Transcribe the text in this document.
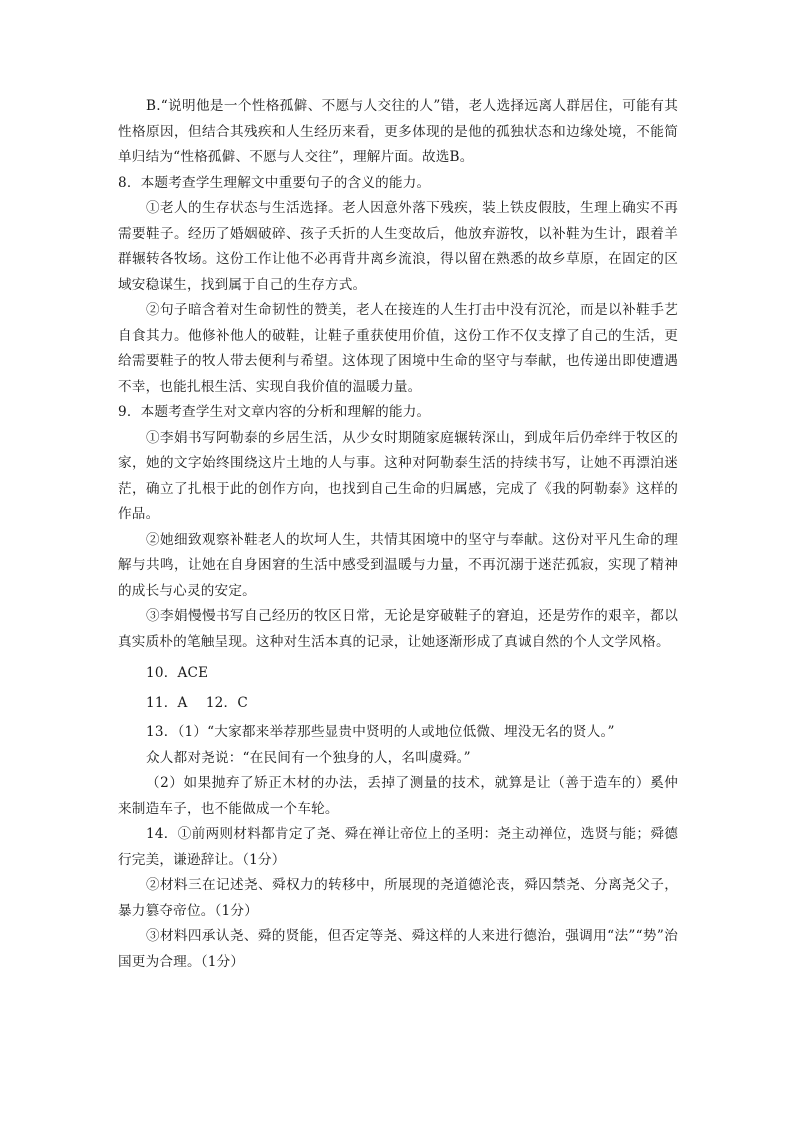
B.“说明他是一个性格孤僻、不愿与人交往的人”错，老人选择远离人群居住，可能有其性格原因，但结合其残疾和人生经历来看，更多体现的是他的孤独状态和边缘处境，不能简单归结为“性格孤僻、不愿与人交往”，理解片面。故选B。

8．本题考查学生理解文中重要句子的含义的能力。

①老人的生存状态与生活选择。老人因意外落下残疾，装上铁皮假肢，生理上确实不再需要鞋子。经历了婚姻破碎、孩子夭折的人生变故后，他放弃游牧，以补鞋为生计，跟着羊群辗转各牧场。这份工作让他不必再背井离乡流浪，得以留在熟悉的故乡草原，在固定的区域安稳谋生，找到属于自己的生存方式。

②句子暗含着对生命韧性的赞美，老人在接连的人生打击中没有沉沦，而是以补鞋手艺自食其力。他修补他人的破鞋，让鞋子重获使用价值，这份工作不仅支撑了自己的生活，更给需要鞋子的牧人带去便利与希望。这体现了困境中生命的坚守与奉献，也传递出即使遭遇不幸，也能扎根生活、实现自我价值的温暖力量。

9．本题考查学生对文章内容的分析和理解的能力。

①李娟书写阿勒泰的乡居生活，从少女时期随家庭辗转深山，到成年后仍牵绊于牧区的家，她的文字始终围绕这片土地的人与事。这种对阿勒泰生活的持续书写，让她不再漂泊迷茫，确立了扎根于此的创作方向，也找到自己生命的归属感，完成了《我的阿勒泰》这样的作品。

②她细致观察补鞋老人的坎坷人生，共情其困境中的坚守与奉献。这份对平凡生命的理解与共鸣，让她在自身困窘的生活中感受到温暖与力量，不再沉溺于迷茫孤寂，实现了精神的成长与心灵的安定。

③李娟慢慢书写自己经历的牧区日常，无论是穿破鞋子的窘迫，还是劳作的艰辛，都以真实质朴的笔触呈现。这种对生活本真的记录，让她逐渐形成了真诚自然的个人文学风格。

10．ACE

11．A　 12．C

13．（1）“大家都来举荐那些显贵中贤明的人或地位低微、埋没无名的贤人。”

众人都对尧说：“在民间有一个独身的人，名叫虞舜。”

（2）如果抛弃了矫正木材的办法，丢掉了测量的技术，就算是让（善于造车的）奚仲来制造车子，也不能做成一个车轮。

14．①前两则材料都肯定了尧、舜在禅让帝位上的圣明：尧主动禅位，选贤与能；舜德行完美，谦逊辞让。（1分）

②材料三在记述尧、舜权力的转移中，所展现的尧道德沦丧，舜囚禁尧、分离尧父子，暴力篡夺帝位。（1分）

③材料四承认尧、舜的贤能，但否定等尧、舜这样的人来进行德治，强调用“法”“势”治国更为合理。（1分）
